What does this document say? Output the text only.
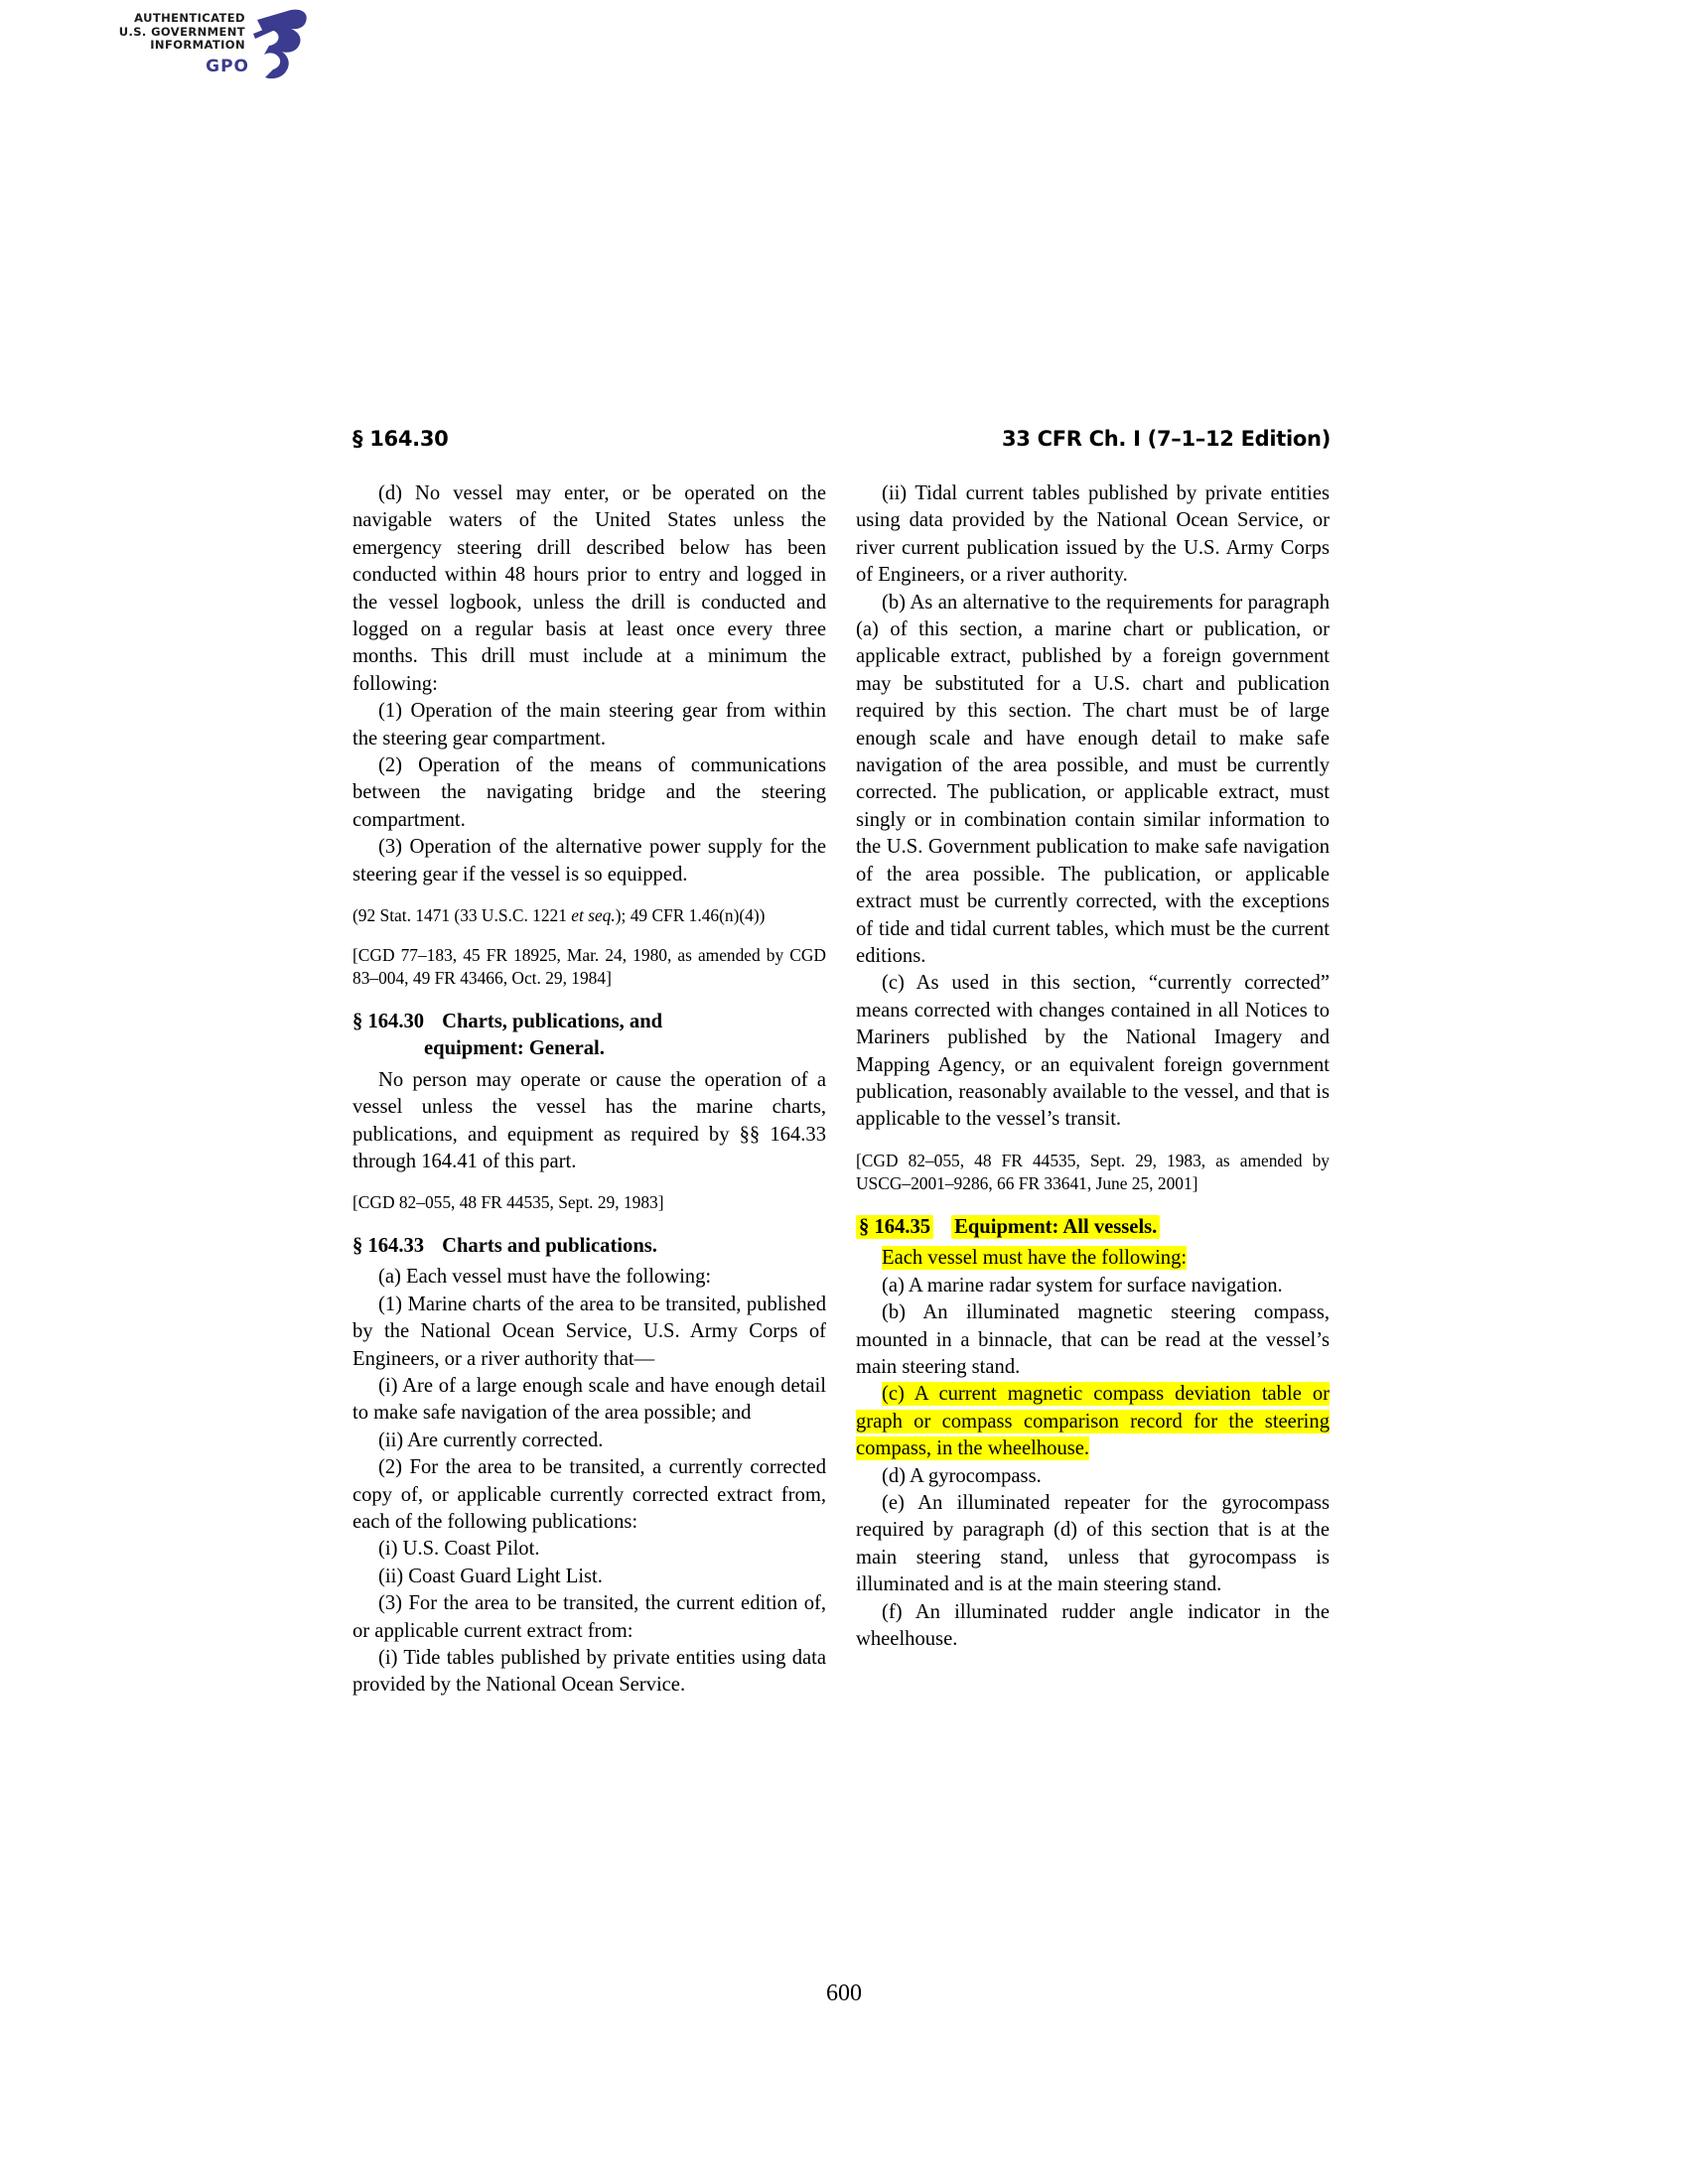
AUTHENTICATED
U.S. GOVERNMENT
INFORMATION
GPO
§ 164.30	33 CFR Ch. I (7–1–12 Edition)

(d) No vessel may enter, or be operated on the navigable waters of the United States unless the emergency steering drill described below has been conducted within 48 hours prior to entry and logged in the vessel logbook, unless the drill is conducted and logged on a regular basis at least once every three months. This drill must include at a minimum the following:

(1) Operation of the main steering gear from within the steering gear compartment.

(2) Operation of the means of communications between the navigating bridge and the steering compartment.

(3) Operation of the alternative power supply for the steering gear if the vessel is so equipped.

(92 Stat. 1471 (33 U.S.C. 1221 et seq.); 49 CFR 1.46(n)(4))

[CGD 77–183, 45 FR 18925, Mar. 24, 1980, as amended by CGD 83–004, 49 FR 43466, Oct. 29, 1984]

§ 164.30 Charts, publications, and
equipment: General.

No person may operate or cause the operation of a vessel unless the vessel has the marine charts, publications, and equipment as required by §§ 164.33 through 164.41 of this part.

[CGD 82–055, 48 FR 44535, Sept. 29, 1983]

§ 164.33 Charts and publications.

(a) Each vessel must have the following:

(1) Marine charts of the area to be transited, published by the National Ocean Service, U.S. Army Corps of Engineers, or a river authority that—

(i) Are of a large enough scale and have enough detail to make safe navigation of the area possible; and

(ii) Are currently corrected.

(2) For the area to be transited, a currently corrected copy of, or applicable currently corrected extract from, each of the following publications:

(i) U.S. Coast Pilot.

(ii) Coast Guard Light List.

(3) For the area to be transited, the current edition of, or applicable current extract from:

(i) Tide tables published by private entities using data provided by the National Ocean Service.

(ii) Tidal current tables published by private entities using data provided by the National Ocean Service, or river current publication issued by the U.S. Army Corps of Engineers, or a river authority.

(b) As an alternative to the requirements for paragraph (a) of this section, a marine chart or publication, or applicable extract, published by a foreign government may be substituted for a U.S. chart and publication required by this section. The chart must be of large enough scale and have enough detail to make safe navigation of the area possible, and must be currently corrected. The publication, or applicable extract, must singly or in combination contain similar information to the U.S. Government publication to make safe navigation of the area possible. The publication, or applicable extract must be currently corrected, with the exceptions of tide and tidal current tables, which must be the current editions.

(c) As used in this section, “currently corrected” means corrected with changes contained in all Notices to Mariners published by the National Imagery and Mapping Agency, or an equivalent foreign government publication, reasonably available to the vessel, and that is applicable to the vessel’s transit.

[CGD 82–055, 48 FR 44535, Sept. 29, 1983, as amended by USCG–2001–9286, 66 FR 33641, June 25, 2001]

§ 164.35 Equipment: All vessels.

Each vessel must have the following:

(a) A marine radar system for surface navigation.

(b) An illuminated magnetic steering compass, mounted in a binnacle, that can be read at the vessel’s main steering stand.

(c) A current magnetic compass deviation table or graph or compass comparison record for the steering compass, in the wheelhouse.

(d) A gyrocompass.

(e) An illuminated repeater for the gyrocompass required by paragraph (d) of this section that is at the main steering stand, unless that gyrocompass is illuminated and is at the main steering stand.

(f) An illuminated rudder angle indicator in the wheelhouse.

600
